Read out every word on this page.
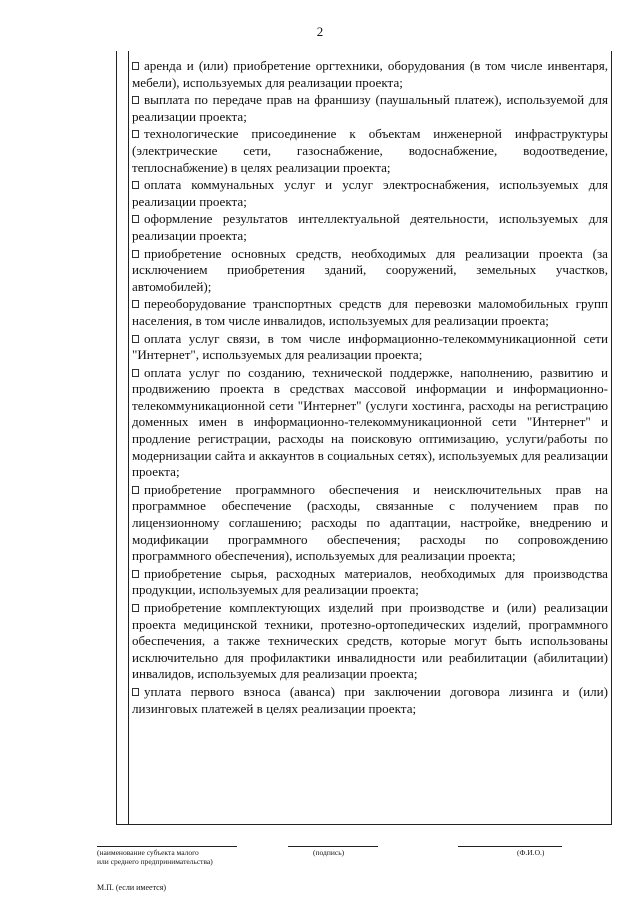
2
аренда и (или) приобретение оргтехники, оборудования (в том числе инвентаря, мебели), используемых для реализации проекта;
выплата по передаче прав на франшизу (паушальный платеж), используемой для реализации проекта;
технологические присоединение к объектам инженерной инфраструктуры (электрические сети, газоснабжение, водоснабжение, водоотведение, теплоснабжение) в целях реализации проекта;
оплата коммунальных услуг и услуг электроснабжения, используемых для реализации проекта;
оформление результатов интеллектуальной деятельности, используемых для реализации проекта;
приобретение основных средств, необходимых для реализации проекта (за исключением приобретения зданий, сооружений, земельных участков, автомобилей);
переоборудование транспортных средств для перевозки маломобильных групп населения, в том числе инвалидов, используемых для реализации проекта;
оплата услуг связи, в том числе информационно-телекоммуникационной сети "Интернет", используемых для реализации проекта;
оплата услуг по созданию, технической поддержке, наполнению, развитию и продвижению проекта в средствах массовой информации и информационно-телекоммуникационной сети "Интернет" (услуги хостинга, расходы на регистрацию доменных имен в информационно-телекоммуникационной сети "Интернет" и продление регистрации, расходы на поисковую оптимизацию, услуги/работы по модернизации сайта и аккаунтов в социальных сетях), используемых для реализации проекта;
приобретение программного обеспечения и неисключительных прав на программное обеспечение (расходы, связанные с получением прав по лицензионному соглашению; расходы по адаптации, настройке, внедрению и модификации программного обеспечения; расходы по сопровождению программного обеспечения), используемых для реализации проекта;
приобретение сырья, расходных материалов, необходимых для производства продукции, используемых для реализации проекта;
приобретение комплектующих изделий при производстве и (или) реализации проекта медицинской техники, протезно-ортопедических изделий, программного обеспечения, а также технических средств, которые могут быть использованы исключительно для профилактики инвалидности или реабилитации (абилитации) инвалидов, используемых для реализации проекта;
уплата первого взноса (аванса) при заключении договора лизинга и (или) лизинговых платежей в целях реализации проекта;
(наименование субъекта малого
или среднего предпринимательства)
(подпись)	(Ф.И.О.)
М.П. (если имеется)
